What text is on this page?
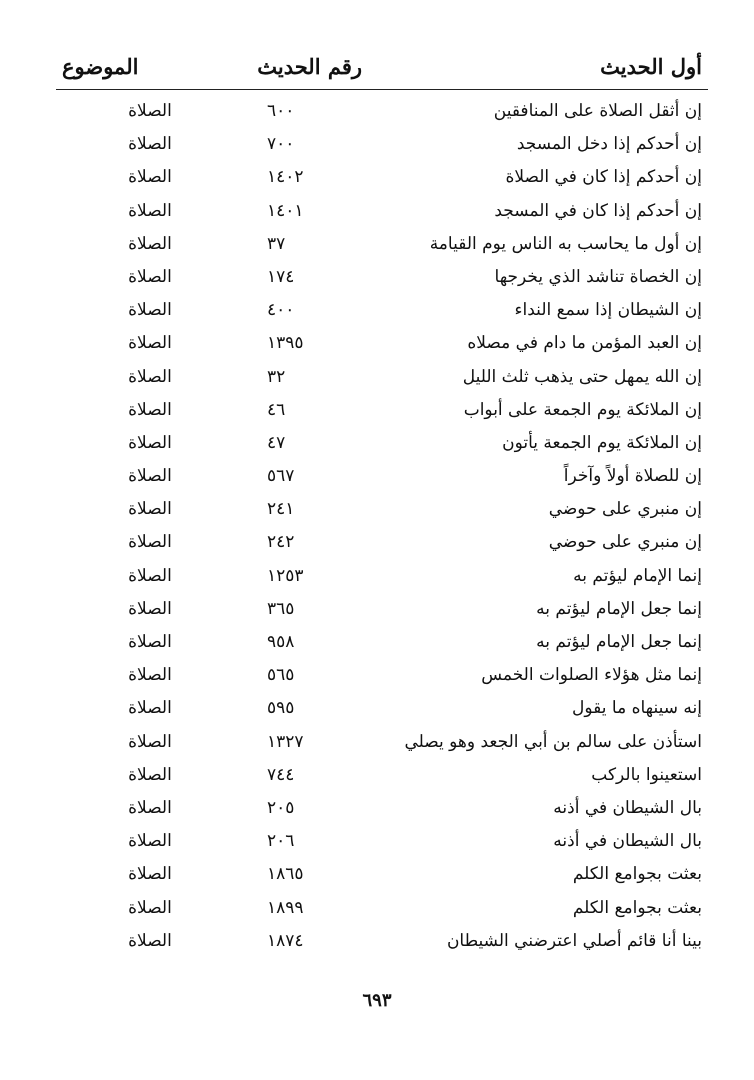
أول الحديث
رقم الحديث
الموضوع
إن أثقل الصلاة على المنافقين
٦٠٠
الصلاة
إن أحدكم إذا دخل المسجد
٧٠٠
الصلاة
إن أحدكم إذا كان في الصلاة
١٤٠٢
الصلاة
إن أحدكم إذا كان في المسجد
١٤٠١
الصلاة
إن أول ما يحاسب به الناس يوم القيامة
٣٧
الصلاة
إن الخصاة تناشد الذي يخرجها
١٧٤
الصلاة
إن الشيطان إذا سمع النداء
٤٠٠
الصلاة
إن العبد المؤمن ما دام في مصلاه
١٣٩٥
الصلاة
إن الله يمهل حتى يذهب ثلث الليل
٣٢
الصلاة
إن الملائكة يوم الجمعة على أبواب
٤٦
الصلاة
إن الملائكة يوم الجمعة يأتون
٤٧
الصلاة
إن للصلاة أولاً وآخراً
٥٦٧
الصلاة
إن منبري على حوضي
٢٤١
الصلاة
إن منبري على حوضي
٢٤٢
الصلاة
إنما الإمام ليؤتم به
١٢٥٣
الصلاة
إنما جعل الإمام ليؤتم به
٣٦٥
الصلاة
إنما جعل الإمام ليؤتم به
٩٥٨
الصلاة
إنما مثل هؤلاء الصلوات الخمس
٥٦٥
الصلاة
إنه سينهاه ما يقول
٥٩٥
الصلاة
استأذن على سالم بن أبي الجعد وهو يصلي
١٣٢٧
الصلاة
استعينوا بالركب
٧٤٤
الصلاة
بال الشيطان في أذنه
٢٠٥
الصلاة
بال الشيطان في أذنه
٢٠٦
الصلاة
بعثت بجوامع الكلم
١٨٦٥
الصلاة
بعثت بجوامع الكلم
١٨٩٩
الصلاة
بينا أنا قائم أصلي اعترضني الشيطان
١٨٧٤
الصلاة
٦٩٣
